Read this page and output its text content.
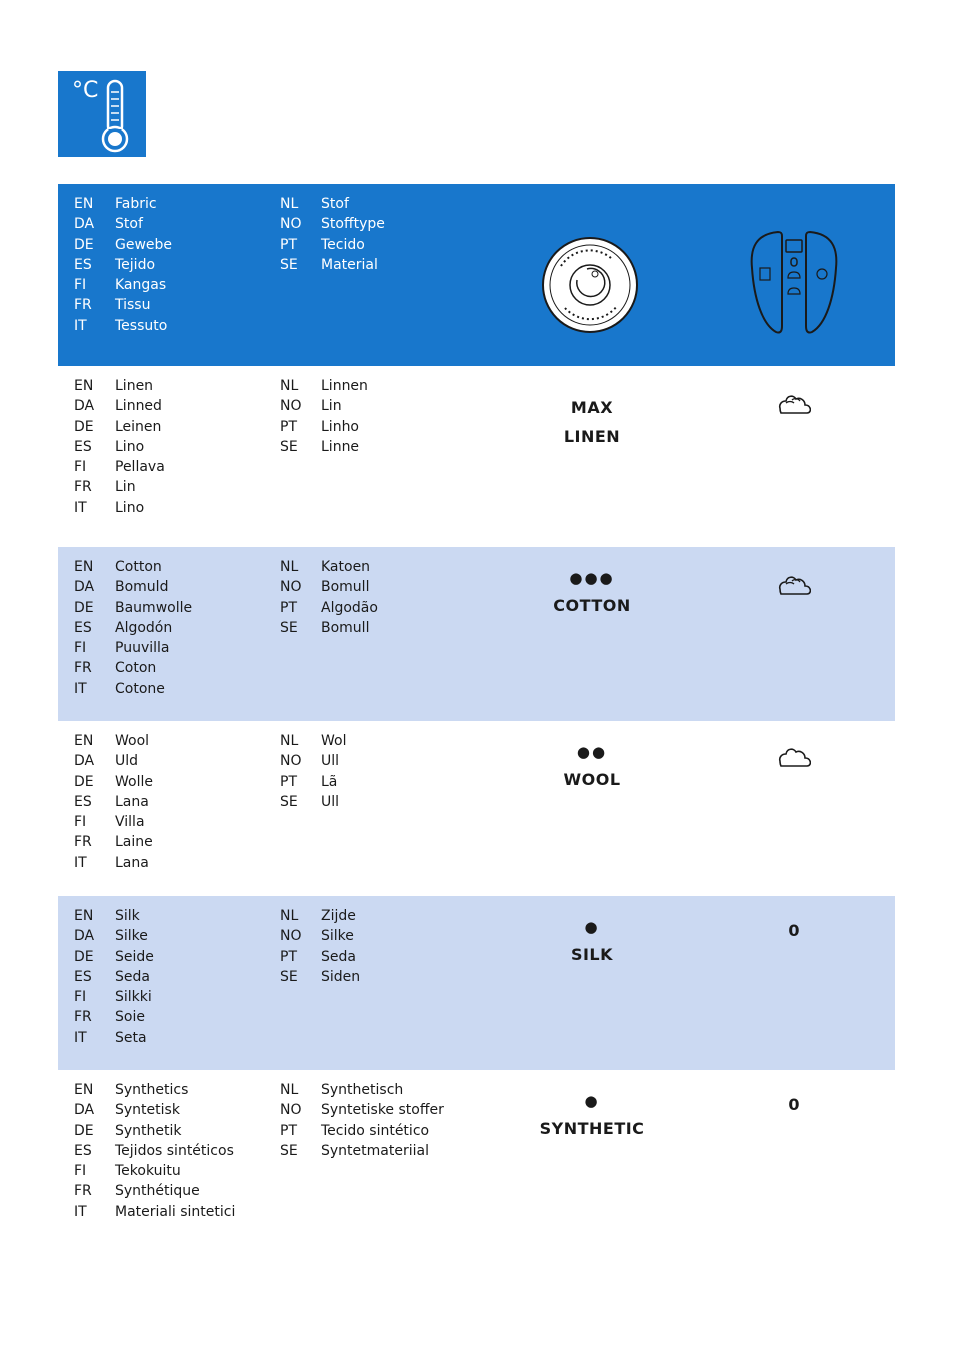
°C
EN Fabric
DA Stof
DE Gewebe
ES Tejido
FI Kangas
FR Tissu
IT Tessuto
NL Stof
NO Stofftype
PT Tecido
SE Material
EN Linen
DA Linned
DE Leinen
ES Lino
FI Pellava
FR Lin
IT Lino
NL Linnen
NO Lin
PT Linho
SE Linne
MAX
LINEN
EN Cotton
DA Bomuld
DE Baumwolle
ES Algodón
FI Puuvilla
FR Coton
IT Cotone
NL Katoen
NO Bomull
PT Algodão
SE Bomull
●●●
COTTON
EN Wool
DA Uld
DE Wolle
ES Lana
FI Villa
FR Laine
IT Lana
NL Wol
NO Ull
PT Lã
SE Ull
●●
WOOL
EN Silk
DA Silke
DE Seide
ES Seda
FI Silkki
FR Soie
IT Seta
NL Zijde
NO Silke
PT Seda
SE Siden
●
SILK
0
EN Synthetics
DA Syntetisk
DE Synthetik
ES Tejidos sintéticos
FI Tekokuitu
FR Synthétique
IT Materiali sintetici
NL Synthetisch
NO Syntetiske stoffer
PT Tecido sintético
SE Syntetmateriial
●
SYNTHETIC
0
